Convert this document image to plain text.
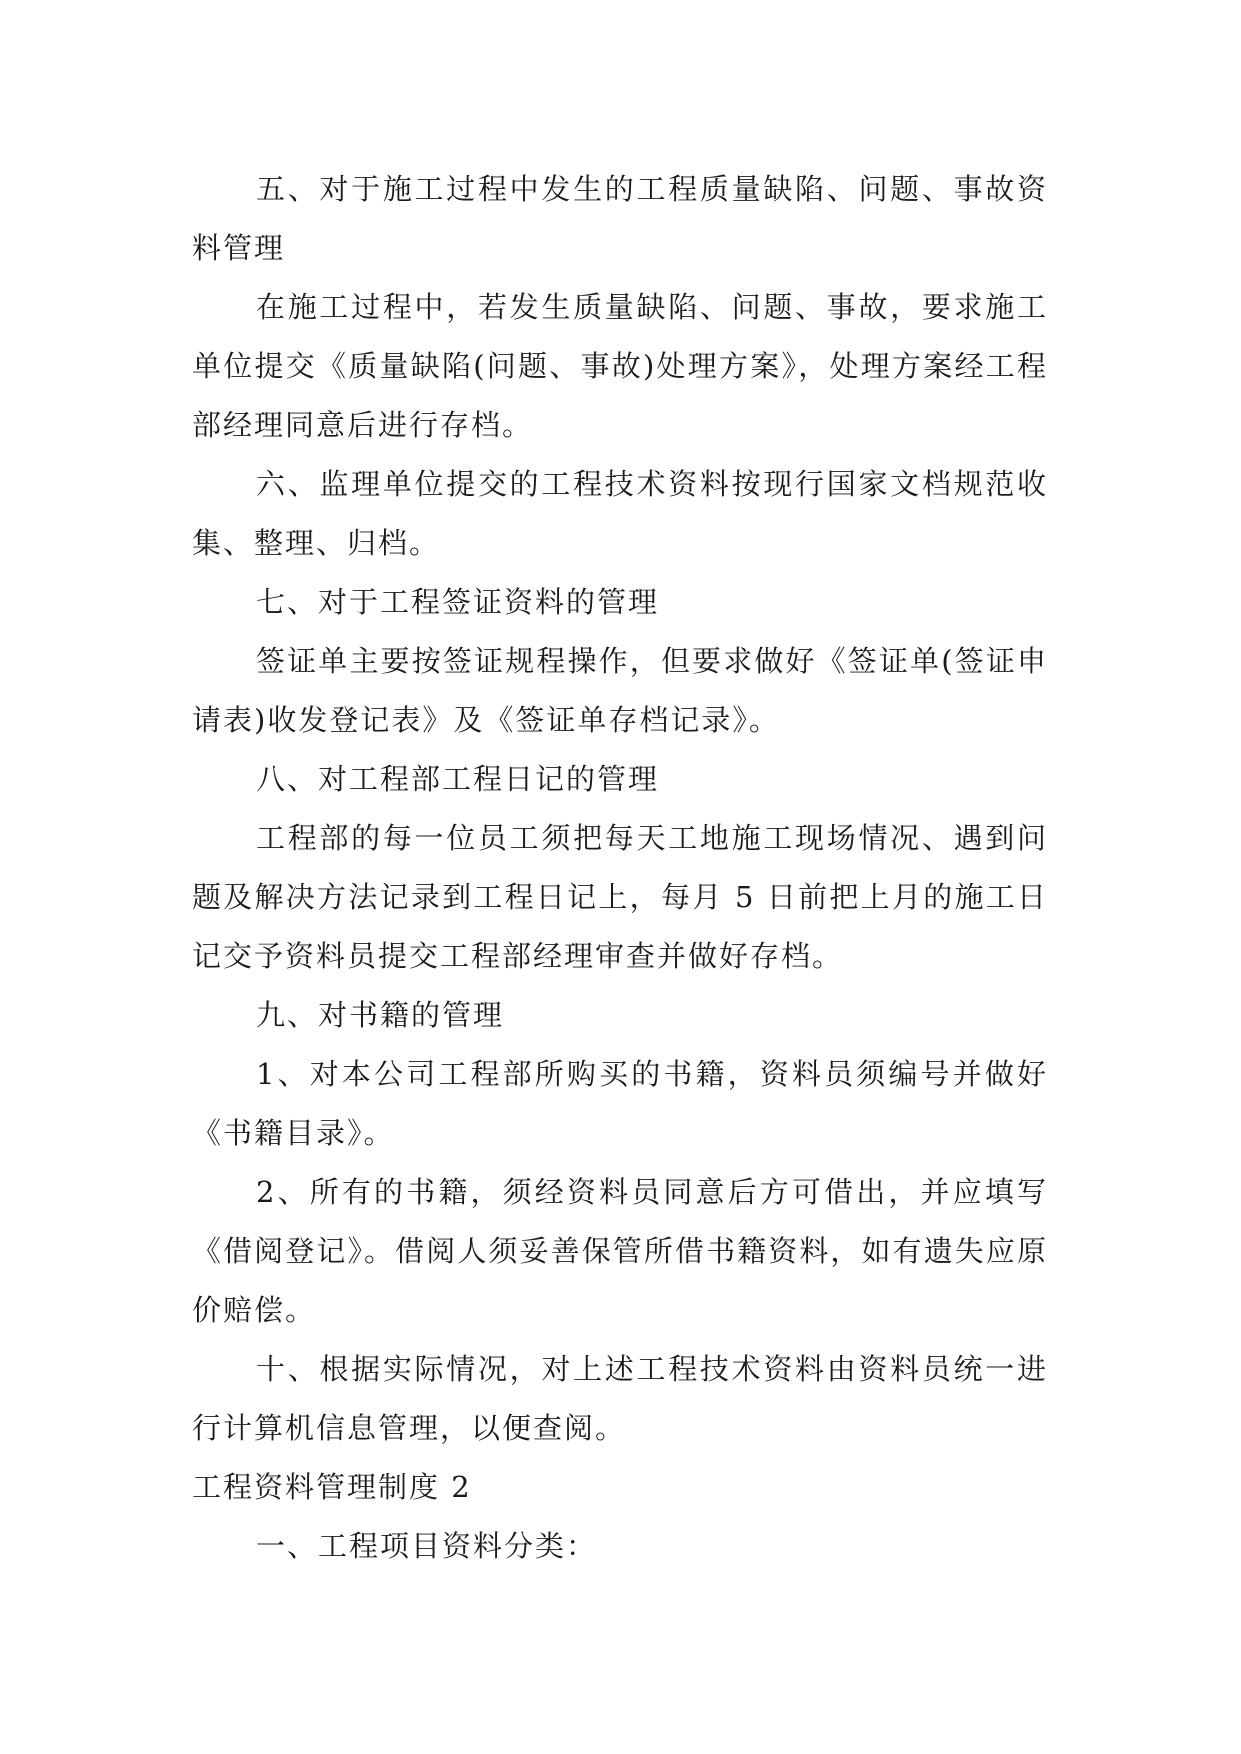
五、对于施工过程中发生的工程质量缺陷、问题、事故资料管理

在施工过程中，若发生质量缺陷、问题、事故，要求施工单位提交《质量缺陷(问题、事故)处理方案》，处理方案经工程部经理同意后进行存档。

六、监理单位提交的工程技术资料按现行国家文档规范收集、整理、归档。

七、对于工程签证资料的管理

签证单主要按签证规程操作，但要求做好《签证单(签证申请表)收发登记表》及《签证单存档记录》。

八、对工程部工程日记的管理

工程部的每一位员工须把每天工地施工现场情况、遇到问题及解决方法记录到工程日记上，每月 5 日前把上月的施工日记交予资料员提交工程部经理审查并做好存档。

九、对书籍的管理

1、对本公司工程部所购买的书籍，资料员须编号并做好《书籍目录》。

2、所有的书籍，须经资料员同意后方可借出，并应填写《借阅登记》。借阅人须妥善保管所借书籍资料，如有遗失应原价赔偿。

十、根据实际情况，对上述工程技术资料由资料员统一进行计算机信息管理，以便查阅。

工程资料管理制度 2

一、工程项目资料分类：
